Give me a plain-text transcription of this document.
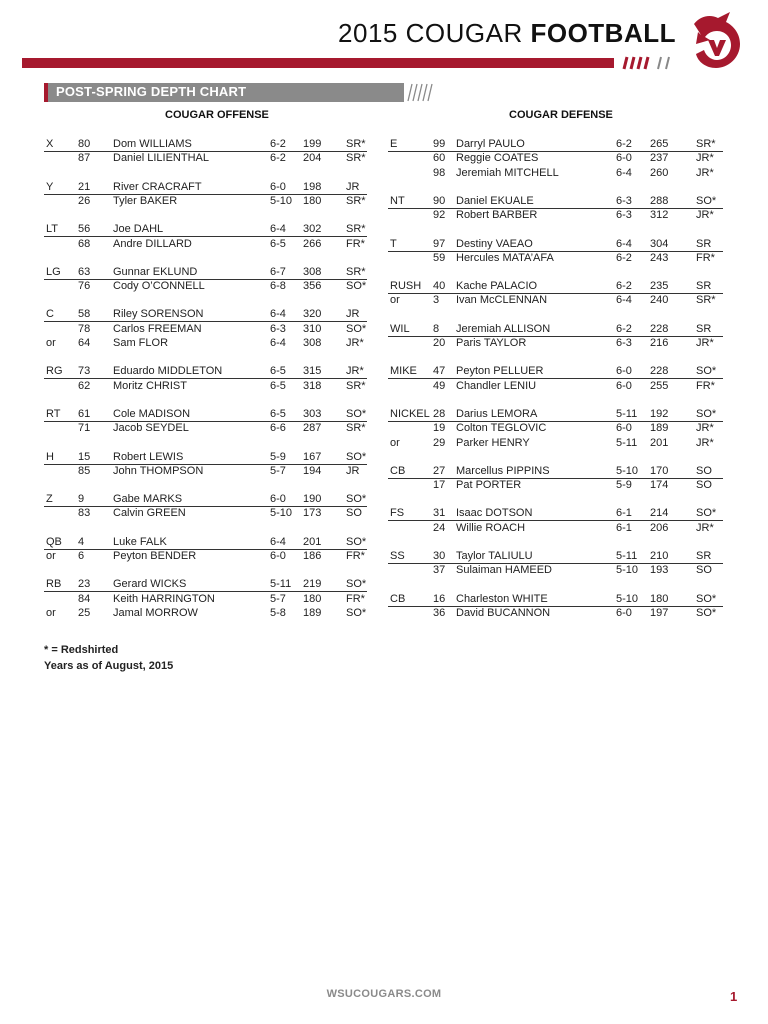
2015 COUGAR FOOTBALL
POST-SPRING DEPTH CHART
COUGAR OFFENSE	COUGAR DEFENSE
X 80 Dom WILLIAMS	6-2 199 SR*
87 Daniel LILIENTHAL	6-2 204 SR*
Y 21 River CRACRAFT	6-0 198 JR
26 Tyler BAKER	5-10 180 SR*
LT 56 Joe DAHL	6-4 302 SR*
68 Andre DILLARD	6-5 266 FR*
LG 63 Gunnar EKLUND	6-7 308 SR*
76 Cody O’CONNELL	6-8 356 SO*
C 58 Riley SORENSON	6-4 320 JR
78 Carlos FREEMAN	6-3 310 SO*
or 64 Sam FLOR	6-4 308 JR*
RG 73 Eduardo MIDDLETON	6-5 315 JR*
62 Moritz CHRIST	6-5 318 SR*
RT 61 Cole MADISON	6-5 303 SO*
71 Jacob SEYDEL	6-6 287 SR*
H 15 Robert LEWIS	5-9 167 SO*
85 John THOMPSON	5-7 194 JR
Z 9	Gabe MARKS	6-0 190 SO*
83 Calvin GREEN	5-10 173 SO
QB 4	Luke FALK	6-4 201 SO*
or 6	Peyton BENDER	6-0 186 FR*
RB 23 Gerard WICKS	5-11 219 SO*
84 Keith HARRINGTON	5-7 180 FR*
or 25 Jamal MORROW	5-8 189 SO*
E	99 Darryl PAULO	6-2 265	SR*
60 Reggie COATES	6-0 237	JR*
98 Jeremiah MITCHELL	6-4 260	JR*
NT	90 Daniel EKUALE	6-3 288	SO*
92 Robert BARBER	6-3 312	JR*
T	97 Destiny VAEAO	6-4 304	SR
59 Hercules MATA’AFA	6-2 243	FR*
RUSH 40 Kache PALACIO	6-2 235	SR
or	3 Ivan McCLENNAN	6-4 240	SR*
WIL 8 Jeremiah ALLISON	6-2 228	SR
20 Paris TAYLOR	6-3 216	JR*
MIKE 47 Peyton PELLUER	6-0 228	SO*
49 Chandler LENIU	6-0 255	FR*
NICKEL 28 Darius LEMORA	5-11 192	SO*
19 Colton TEGLOVIC	6-0 189	JR*
or	29 Parker HENRY	5-11 201	JR*
CB	27 Marcellus PIPPINS	5-10 170	SO
17 Pat PORTER	5-9 174	SO
FS	31 Isaac DOTSON	6-1 214	SO*
24 Willie ROACH	6-1 206	JR*
SS	30 Taylor TALIULU	5-11 210	SR
37 Sulaiman HAMEED	5-10 193	SO
CB	16 Charleston WHITE	5-10 180	SO*
36 David BUCANNON	6-0 197	SO*
* = Redshirted
Years as of August, 2015
WSUCOUGARS.COM	1
